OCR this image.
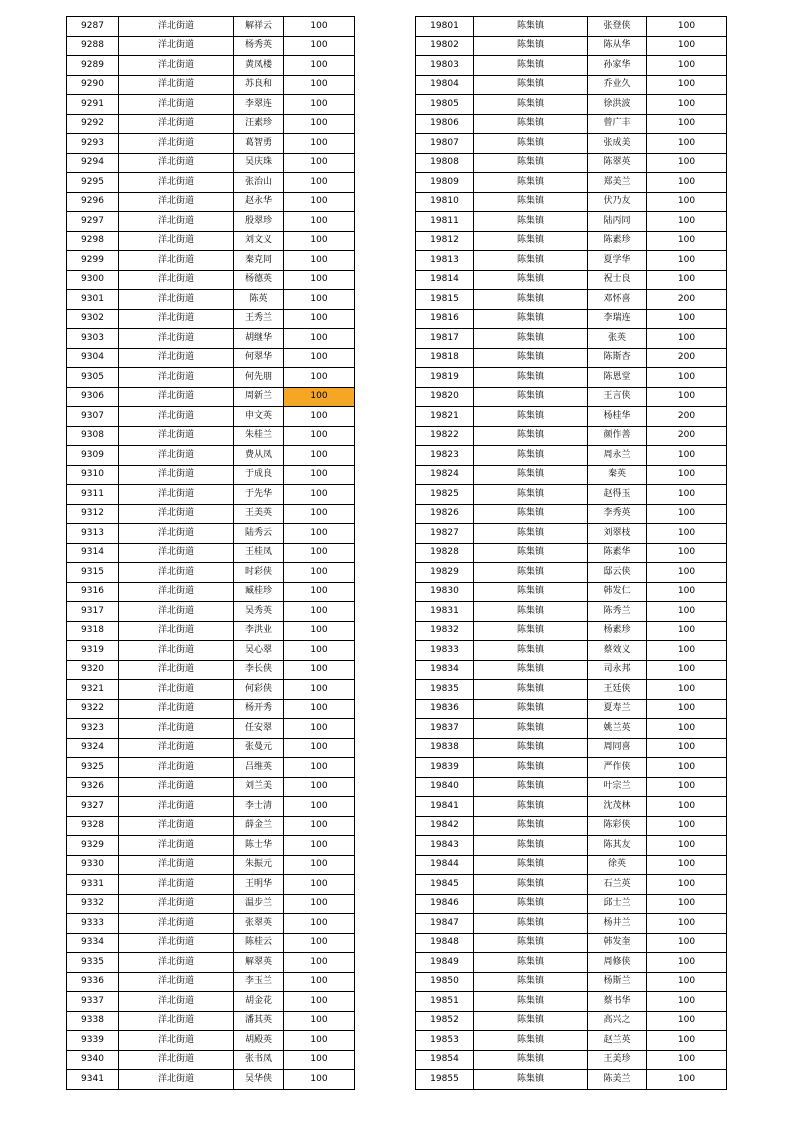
9287	洋北街道	解祥云	100
9288	洋北街道	杨秀英	100
9289	洋北街道	黄凤楼	100
9290	洋北街道	苏良和	100
9291	洋北街道	李翠连	100
9292	洋北街道	汪素珍	100
9293	洋北街道	葛智勇	100
9294	洋北街道	吴庆珠	100
9295	洋北街道	张治山	100
9296	洋北街道	赵永华	100
9297	洋北街道	殷翠珍	100
9298	洋北街道	刘文义	100
9299	洋北街道	秦克同	100
9300	洋北街道	杨德英	100
9301	洋北街道	陈英	100
9302	洋北街道	王秀兰	100
9303	洋北街道	胡继华	100
9304	洋北街道	何翠华	100
9305	洋北街道	何先朋	100
9306	洋北街道	周新兰	100
9307	洋北街道	申文英	100
9308	洋北街道	朱桂兰	100
9309	洋北街道	费从凤	100
9310	洋北街道	于成良	100
9311	洋北街道	于先华	100
9312	洋北街道	王美英	100
9313	洋北街道	陆秀云	100
9314	洋北街道	王桂凤	100
9315	洋北街道	时彩侠	100
9316	洋北街道	臧桂珍	100
9317	洋北街道	吴秀英	100
9318	洋北街道	李洪业	100
9319	洋北街道	吴心翠	100
9320	洋北街道	李长侠	100
9321	洋北街道	何彩侠	100
9322	洋北街道	杨开秀	100
9323	洋北街道	任安翠	100
9324	洋北街道	张曼元	100
9325	洋北街道	吕维英	100
9326	洋北街道	刘兰美	100
9327	洋北街道	李士清	100
9328	洋北街道	薛金兰	100
9329	洋北街道	陈士华	100
9330	洋北街道	朱振元	100
9331	洋北街道	王明华	100
9332	洋北街道	温步兰	100
9333	洋北街道	张翠英	100
9334	洋北街道	陈桂云	100
9335	洋北街道	解翠英	100
9336	洋北街道	李玉兰	100
9337	洋北街道	胡金花	100
9338	洋北街道	潘其英	100
9339	洋北街道	胡殿英	100
9340	洋北街道	张书凤	100
9341	洋北街道	吴华侠	100
19801	陈集镇	张登侠	100
19802	陈集镇	陈从华	100
19803	陈集镇	孙家华	100
19804	陈集镇	乔业久	100
19805	陈集镇	徐洪波	100
19806	陈集镇	曾广丰	100
19807	陈集镇	张成美	100
19808	陈集镇	陈翠英	100
19809	陈集镇	郑美兰	100
19810	陈集镇	伏乃友	100
19811	陈集镇	陆丙同	100
19812	陈集镇	陈素珍	100
19813	陈集镇	夏学华	100
19814	陈集镇	祝士良	100
19815	陈集镇	邓怀喜	200
19816	陈集镇	李瑞连	100
19817	陈集镇	张英	100
19818	陈集镇	陈斯杏	200
19819	陈集镇	陈恩堂	100
19820	陈集镇	王言侠	100
19821	陈集镇	杨桂华	200
19822	陈集镇	颜作善	200
19823	陈集镇	周永兰	100
19824	陈集镇	秦英	100
19825	陈集镇	赵得玉	100
19826	陈集镇	李秀英	100
19827	陈集镇	刘翠枝	100
19828	陈集镇	陈素华	100
19829	陈集镇	邸云侠	100
19830	陈集镇	韩发仁	100
19831	陈集镇	陈秀兰	100
19832	陈集镇	杨素珍	100
19833	陈集镇	蔡效义	100
19834	陈集镇	司永邦	100
19835	陈集镇	王廷侠	100
19836	陈集镇	夏寿兰	100
19837	陈集镇	姚兰英	100
19838	陈集镇	周同喜	100
19839	陈集镇	严作侠	100
19840	陈集镇	叶宗兰	100
19841	陈集镇	沈茂林	100
19842	陈集镇	陈彩侠	100
19843	陈集镇	陈其友	100
19844	陈集镇	徐英	100
19845	陈集镇	石兰英	100
19846	陈集镇	邱士兰	100
19847	陈集镇	杨井兰	100
19848	陈集镇	韩发奎	100
19849	陈集镇	周修侠	100
19850	陈集镇	杨斯兰	100
19851	陈集镇	蔡书华	100
19852	陈集镇	高兴之	100
19853	陈集镇	赵兰英	100
19854	陈集镇	王美珍	100
19855	陈集镇	陈美兰	100
